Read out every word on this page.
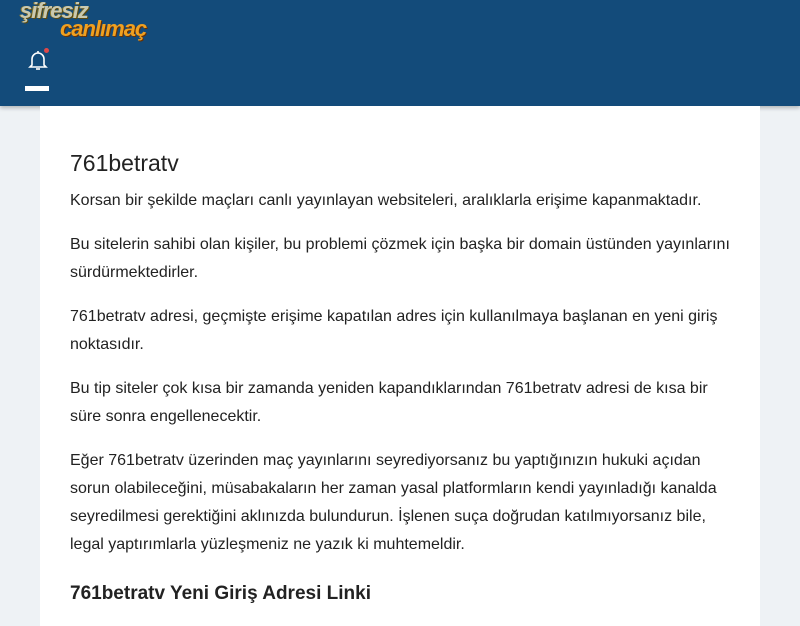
şifresiz
canlımaç
761betratv

Korsan bir şekilde maçları canlı yayınlayan websiteleri, aralıklarla erişime kapanmaktadır.

Bu sitelerin sahibi olan kişiler, bu problemi çözmek için başka bir domain üstünden yayınlarını sürdürmektedirler.

761betratv adresi, geçmişte erişime kapatılan adres için kullanılmaya başlanan en yeni giriş noktasıdır.

Bu tip siteler çok kısa bir zamanda yeniden kapandıklarından 761betratv adresi de kısa bir süre sonra engellenecektir.

Eğer 761betratv üzerinden maç yayınlarını seyrediyorsanız bu yaptığınızın hukuki açıdan sorun olabileceğini, müsabakaların her zaman yasal platformların kendi yayınladığı kanalda seyredilmesi gerektiğini aklınızda bulundurun. İşlenen suça doğrudan katılmıyorsanız bile, legal yaptırımlarla yüzleşmeniz ne yazık ki muhtemeldir.

761betratv Yeni Giriş Adresi Linki
